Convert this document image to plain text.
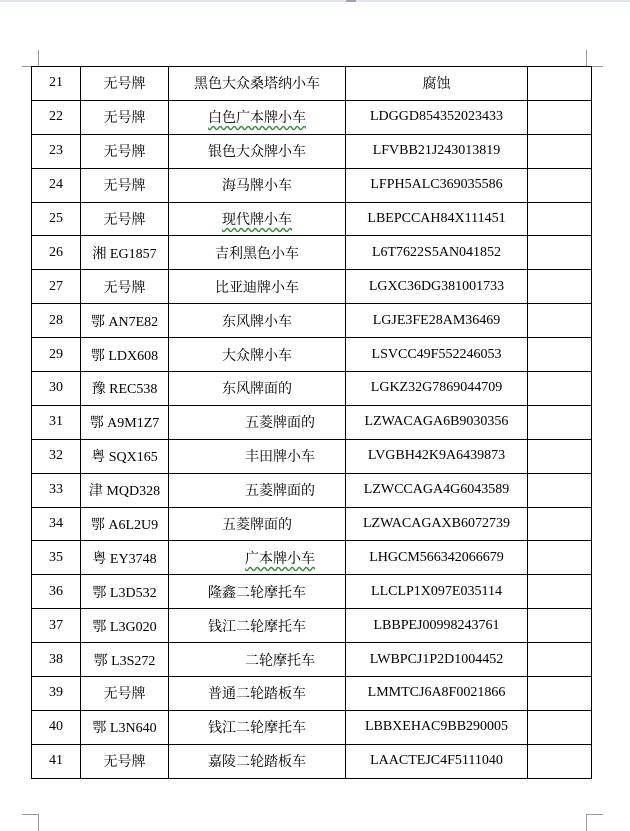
21	无号牌	黑色大众桑塔纳小车	腐蚀	
22	无号牌	白色广本牌小车	LDGGD854352023433	
23	无号牌	银色大众牌小车	LFVBB21J243013819	
24	无号牌	海马牌小车	LFPH5ALC369035586	
25	无号牌	现代牌小车	LBEPCCAH84X111451	
26	湘 EG1857	吉利黑色小车	L6T7622S5AN041852	
27	无号牌	比亚迪牌小车	LGXC36DG381001733	
28	鄂 AN7E82	东风牌小车	LGJE3FE28AM36469	
29	鄂 LDX608	大众牌小车	LSVCC49F552246053	
30	豫 REC538	东风牌面的	LGKZ32G7869044709	
31	鄂 A9M1Z7	五菱牌面的	LZWACAGA6B9030356	
32	粤 SQX165	丰田牌小车	LVGBH42K9A6439873	
33	津 MQD328	五菱牌面的	LZWCCAGA4G6043589	
34	鄂 A6L2U9	五菱牌面的	LZWACAGAXB6072739	
35	粤 EY3748	广本牌小车	LHGCM566342066679	
36	鄂 L3D532	隆鑫二轮摩托车	LLCLP1X097E035114	
37	鄂 L3G020	钱江二轮摩托车	LBBPEJ00998243761	
38	鄂 L3S272	二轮摩托车	LWBPCJ1P2D1004452	
39	无号牌	普通二轮踏板车	LMMTCJ6A8F0021866	
40	鄂 L3N640	钱江二轮摩托车	LBBXEHAC9BB290005	
41	无号牌	嘉陵二轮踏板车	LAACTEJC4F5111040	
